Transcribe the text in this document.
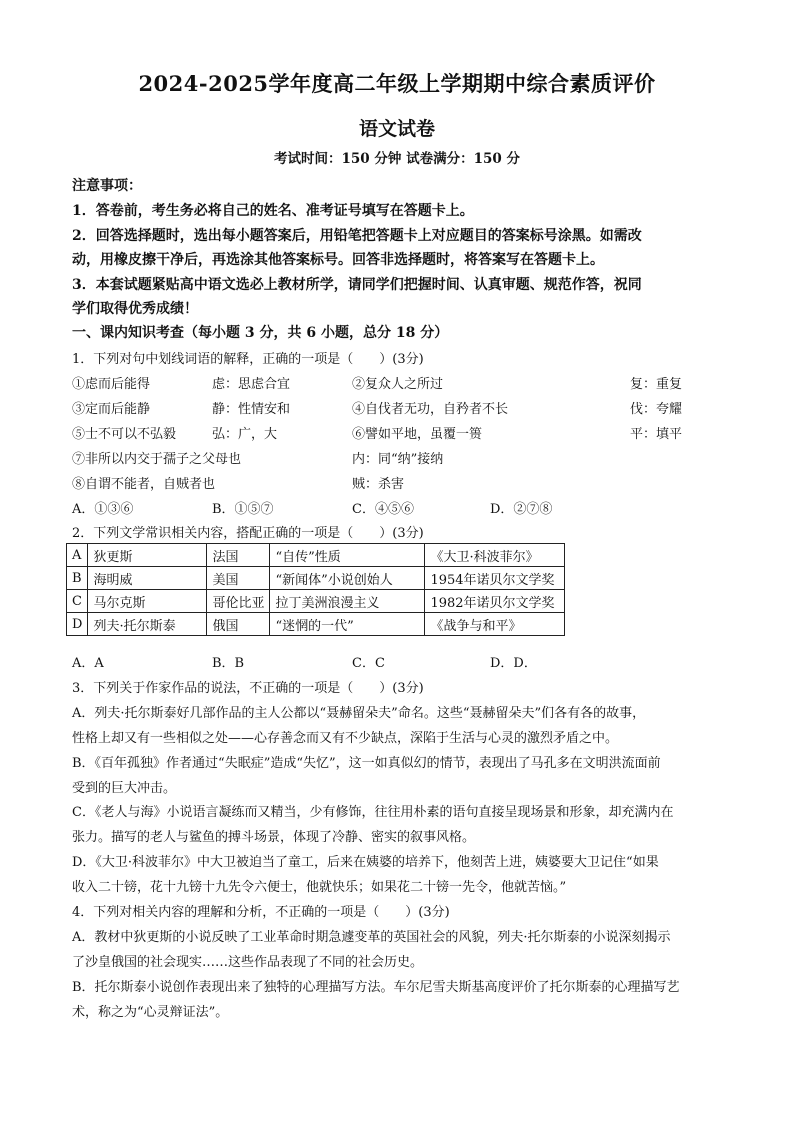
2024-2025学年度高二年级上学期期中综合素质评价
语文试卷
考试时间：150 分钟 试卷满分：150 分
注意事项：
1．答卷前，考生务必将自己的姓名、准考证号填写在答题卡上。
2．回答选择题时，选出每小题答案后，用铅笔把答题卡上对应题目的答案标号涂黑。如需改
动，用橡皮擦干净后，再选涂其他答案标号。回答非选择题时，将答案写在答题卡上。
3．本套试题紧贴高中语文选必上教材所学，请同学们把握时间、认真审题、规范作答，祝同
学们取得优秀成绩！
一、课内知识考查（每小题 3 分，共 6 小题，总分 18 分）
1．下列对句中划线词语的解释，正确的一项是（　　）(3分)
①虑而后能得	虑：思虑合宜	②复众人之所过	复：重复
③定而后能静	静：性情安和	④自伐者无功，自矜者不长	伐：夸耀
⑤士不可以不弘毅	弘：广，大	⑥譬如平地，虽覆一篑	平：填平
⑦非所以内交于孺子之父母也	内：同“纳”接纳
⑧自谓不能者，自贼者也	贼：杀害
A．①③⑥	B．①⑤⑦	C．④⑤⑥	D．②⑦⑧
2．下列文学常识相关内容，搭配正确的一项是（　　）(3分)
A	狄更斯	法国	“自传”性质	《大卫·科波菲尔》
B	海明威	美国	“新闻体”小说创始人	1954年诺贝尔文学奖
C	马尔克斯	哥伦比亚	拉丁美洲浪漫主义	1982年诺贝尔文学奖
D	列夫·托尔斯泰	俄国	“迷惘的一代”	《战争与和平》
A．A	B．B	C．C	D．D．
3．下列关于作家作品的说法，不正确的一项是（　　）(3分)
A．列夫·托尔斯泰好几部作品的主人公都以“聂赫留朵夫”命名。这些“聂赫留朵夫”们各有各的故事，
性格上却又有一些相似之处——心存善念而又有不少缺点，深陷于生活与心灵的激烈矛盾之中。
B．《百年孤独》作者通过“失眠症”造成“失忆”，这一如真似幻的情节，表现出了马孔多在文明洪流面前
受到的巨大冲击。
C．《老人与海》小说语言凝练而又精当，少有修饰，往往用朴素的语句直接呈现场景和形象，却充满内在
张力。描写的老人与鲨鱼的搏斗场景，体现了冷静、密实的叙事风格。
D．《大卫·科波菲尔》中大卫被迫当了童工，后来在姨婆的培养下，他刻苦上进，姨婆要大卫记住“如果
收入二十镑，花十九镑十九先令六便士，他就快乐；如果花二十镑一先令，他就苦恼。”
4．下列对相关内容的理解和分析，不正确的一项是（　　）(3分)
A．教材中狄更斯的小说反映了工业革命时期急遽变革的英国社会的风貌，列夫·托尔斯泰的小说深刻揭示
了沙皇俄国的社会现实……这些作品表现了不同的社会历史。
B．托尔斯泰小说创作表现出来了独特的心理描写方法。车尔尼雪夫斯基高度评价了托尔斯泰的心理描写艺
术，称之为“心灵辩证法”。
